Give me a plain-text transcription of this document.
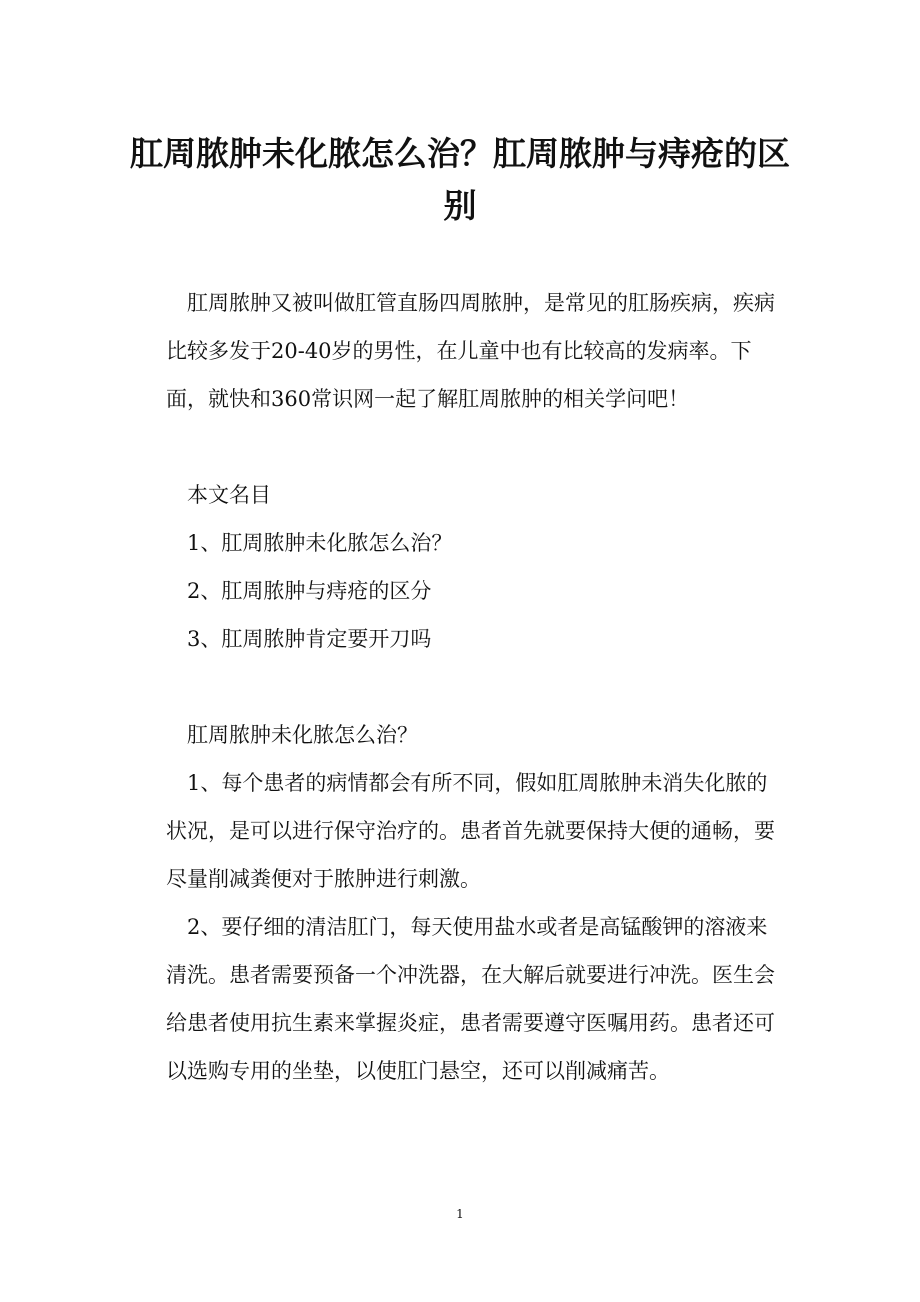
肛周脓肿未化脓怎么治？肛周脓肿与痔疮的区别

肛周脓肿又被叫做肛管直肠四周脓肿，是常见的肛肠疾病，疾病比较多发于20-40岁的男性，在儿童中也有比较高的发病率。下面，就快和360常识网一起了解肛周脓肿的相关学问吧！

本文名目

1、肛周脓肿未化脓怎么治？

2、肛周脓肿与痔疮的区分

3、肛周脓肿肯定要开刀吗

肛周脓肿未化脓怎么治？

1、每个患者的病情都会有所不同，假如肛周脓肿未消失化脓的状况，是可以进行保守治疗的。患者首先就要保持大便的通畅，要尽量削减粪便对于脓肿进行刺激。

2、要仔细的清洁肛门，每天使用盐水或者是高锰酸钾的溶液来清洗。患者需要预备一个冲洗器，在大解后就要进行冲洗。医生会给患者使用抗生素来掌握炎症，患者需要遵守医嘱用药。患者还可以选购专用的坐垫，以使肛门悬空，还可以削减痛苦。

1
